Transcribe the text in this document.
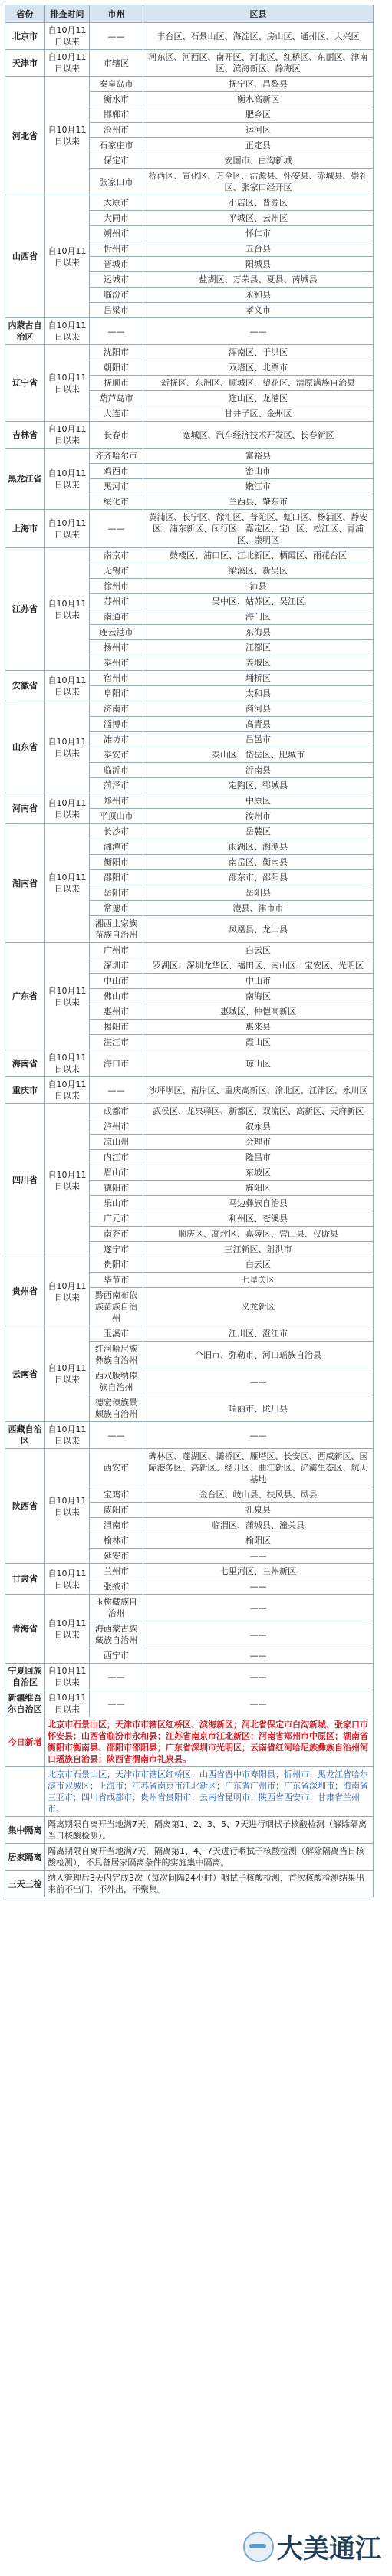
省份	排查时间	市州	区县
北京市	自10月11日以来	——	丰台区、石景山区、海淀区、房山区、通州区、大兴区
天津市	自10月11日以来	市辖区	河东区、河西区、南开区、河北区、红桥区、东丽区、津南区、滨海新区、静海区
河北省	自10月11日以来	秦皇岛市	抚宁区、昌黎县
		衡水市	衡水高新区
		邯郸市	肥乡区
		沧州市	运河区
		石家庄市	正定县
		保定市	安国市、白沟新城
		张家口市	桥西区、宣化区、万全区、沽源县、怀安县、赤城县、崇礼区、张家口经开区
山西省	自10月11日以来	太原市	小店区、晋源区
		大同市	平城区、云州区
		朔州市	怀仁市
		忻州市	五台县
		晋城市	阳城县
		运城市	盐湖区、万荣县、夏县、芮城县
		临汾市	永和县
		吕梁市	孝义市
内蒙古自治区	自10月11日以来	——	——
辽宁省	自10月11日以来	沈阳市	浑南区、于洪区
		朝阳市	双塔区、北票市
		抚顺市	新抚区、东洲区、顺城区、望花区、清原满族自治县
		葫芦岛市	连山区、龙港区
		大连市	甘井子区、金州区
吉林省	自10月11日以来	长春市	宽城区、汽车经济技术开发区、长春新区
黑龙江省	自10月11日以来	齐齐哈尔市	富裕县
		鸡西市	密山市
		黑河市	嫩江市
		绥化市	兰西县、肇东市
上海市	自10月11日以来	——	黄浦区、长宁区、徐汇区、普陀区、虹口区、杨浦区、静安区、浦东新区、闵行区、嘉定区、宝山区、松江区、青浦区、崇明区
江苏省	自10月11日以来	南京市	鼓楼区、浦口区、江北新区、栖霞区、雨花台区
		无锡市	梁溪区、新吴区
		徐州市	沛县
		苏州市	吴中区、姑苏区、吴江区
		南通市	海门区
		连云港市	东海县
		扬州市	江都区
		泰州市	姜堰区
安徽省	自10月11日以来	宿州市	埇桥区
		阜阳市	太和县
山东省	自10月11日以来	济南市	商河县
		淄博市	高青县
		潍坊市	昌邑市
		泰安市	泰山区、岱岳区、肥城市
		临沂市	沂南县
		菏泽市	定陶区、郓城县
河南省	自10月11日以来	郑州市	中原区
		平顶山市	汝州市
湖南省	自10月11日以来	长沙市	岳麓区
		湘潭市	雨湖区、湘潭县
		衡阳市	南岳区、衡南县
		邵阳市	邵东市、邵阳县
		岳阳市	岳阳县
		常德市	澧县、津市市
		湘西土家族苗族自治州	凤凰县、龙山县
广东省	自10月11日以来	广州市	白云区
		深圳市	罗湖区、深圳龙华区、福田区、南山区、宝安区、光明区
		中山市	中山市
		佛山市	南海区
		惠州市	惠城区、仲恺高新区
		揭阳市	惠来县
		湛江市	霞山区
海南省	自10月11日以来	海口市	琼山区
重庆市	自10月11日以来	——	沙坪坝区、南岸区、重庆高新区、渝北区、江津区、永川区
四川省	自10月11日以来	成都市	武侯区、龙泉驿区、新都区、双流区、高新区、天府新区
		泸州市	叙永县
		凉山州	会理市
		内江市	隆昌市
		眉山市	东坡区
		德阳市	旌阳区
		乐山市	马边彝族自治县
		广元市	利州区、苍溪县
		南充市	顺庆区、高坪区、嘉陵区、营山县、仪陇县
		遂宁市	三江新区、射洪市
贵州省	自10月11日以来	贵阳市	白云区
		毕节市	七星关区
		黔西南布依族苗族自治州	义龙新区
云南省	自10月11日以来	玉溪市	江川区、澄江市
		红河哈尼族彝族自治州	个旧市、弥勒市、河口瑶族自治县
		西双版纳傣族自治州	——
		德宏傣族景颇族自治州	瑞丽市、陇川县
西藏自治区	自10月11日以来	——	——
陕西省	自10月11日以来	西安市	碑林区、莲湖区、灞桥区、雁塔区、长安区、西咸新区、国际港务区、高新区、经开区、曲江新区、浐灞生态区、航天基地
		宝鸡市	金台区、岐山县、扶风县、凤县
		咸阳市	礼泉县
		渭南市	临渭区、蒲城县、潼关县
		榆林市	榆阳区
		延安市	——
甘肃省	自10月11日以来	兰州市	七里河区、兰州新区
		张掖市	——
青海省	自10月11日以来	玉树藏族自治州	——
		海西蒙古族藏族自治州	——
		西宁市	——
宁夏回族自治区	自10月11日以来	——	——
新疆维吾尔自治区	自10月11日以来	——	——
今日新增	北京市石景山区；天津市市辖区红桥区、滨海新区；河北省保定市白沟新城、张家口市怀安县；山西省临汾市永和县；江苏省南京市江北新区；河南省郑州市中原区；湖南省衡阳市衡南县、邵阳市邵阳县；广东省深圳市光明区；云南省红河哈尼族彝族自治州河口瑶族自治县；陕西省渭南市礼泉县。		
	北京市石景山区；天津市市辖区红桥区；山西省晋中市寿阳县；忻州市；黑龙江省哈尔滨市双城区；上海市；江苏省南京市江北新区；广东省广州市；广东省深圳市；海南省三亚市；四川省成都市；贵州省贵阳市；云南省昆明市；陕西省西安市；甘肃省兰州市。		
集中隔离	隔离期限自离开当地满7天，隔离第1、2、3、5、7天进行咽拭子核酸检测（解除隔离当日核酸检测）。		
居家隔离	隔离期限自离开当地满7天，隔离第1、4、7天进行咽拭子核酸检测（解除隔离当日核酸检测），不具备居家隔离条件的实施集中隔离。		
三天三检	纳入管理后3天内完成3次（每次间隔24小时）咽拭子核酸检测，首次核酸检测结果出来前不出门，不外出，不聚集。		
大美通江
